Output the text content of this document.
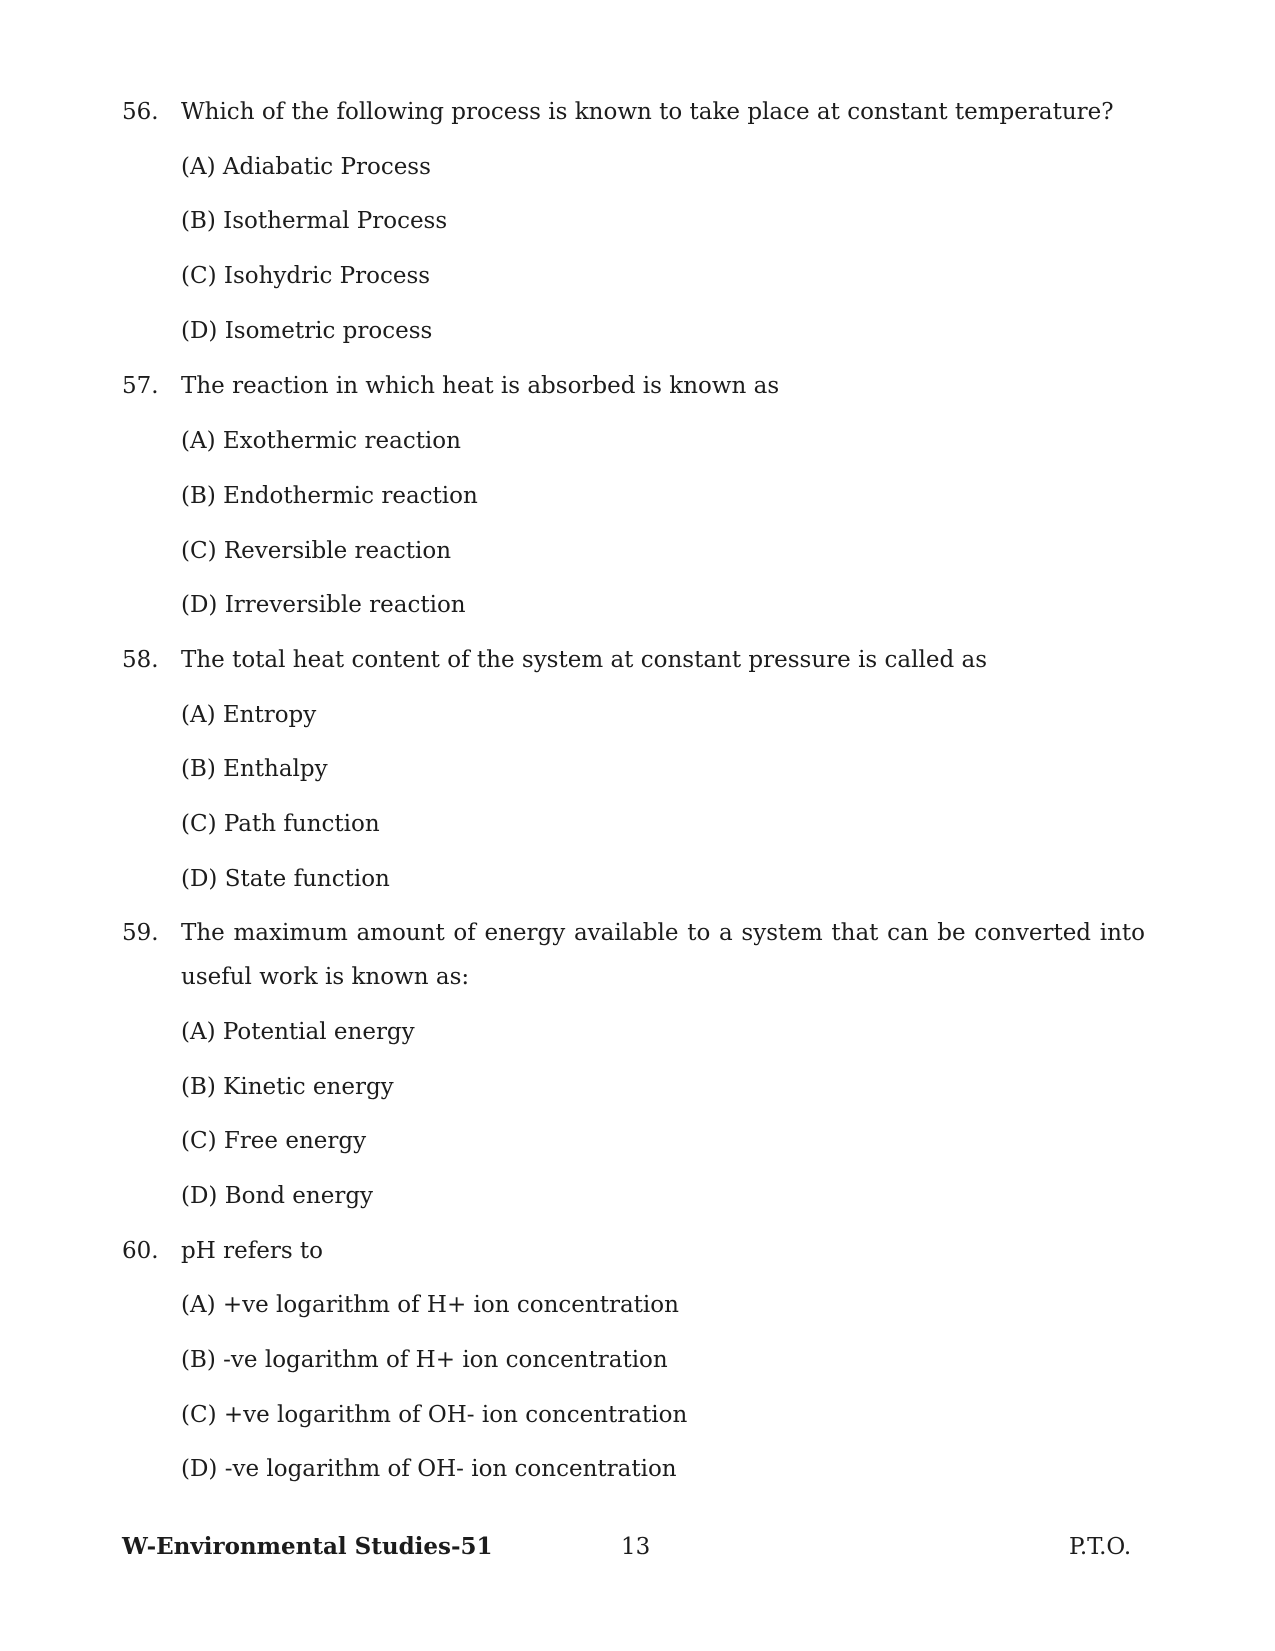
56. Which of the following process is known to take place at constant temperature?
(A) Adiabatic Process
(B) Isothermal Process
(C) Isohydric Process
(D) Isometric process
57. The reaction in which heat is absorbed is known as
(A) Exothermic reaction
(B) Endothermic reaction
(C) Reversible reaction
(D) Irreversible reaction
58. The total heat content of the system at constant pressure is called as
(A) Entropy
(B) Enthalpy
(C) Path function
(D) State function
59. The maximum amount of energy available to a system that can be converted into
useful work is known as:
(A) Potential energy
(B) Kinetic energy
(C) Free energy
(D) Bond energy
60. pH refers to
(A) +ve logarithm of H+ ion concentration
(B) -ve logarithm of H+ ion concentration
(C) +ve logarithm of OH- ion concentration
(D) -ve logarithm of OH- ion concentration
W-Environmental Studies-51	13	P.T.O.
